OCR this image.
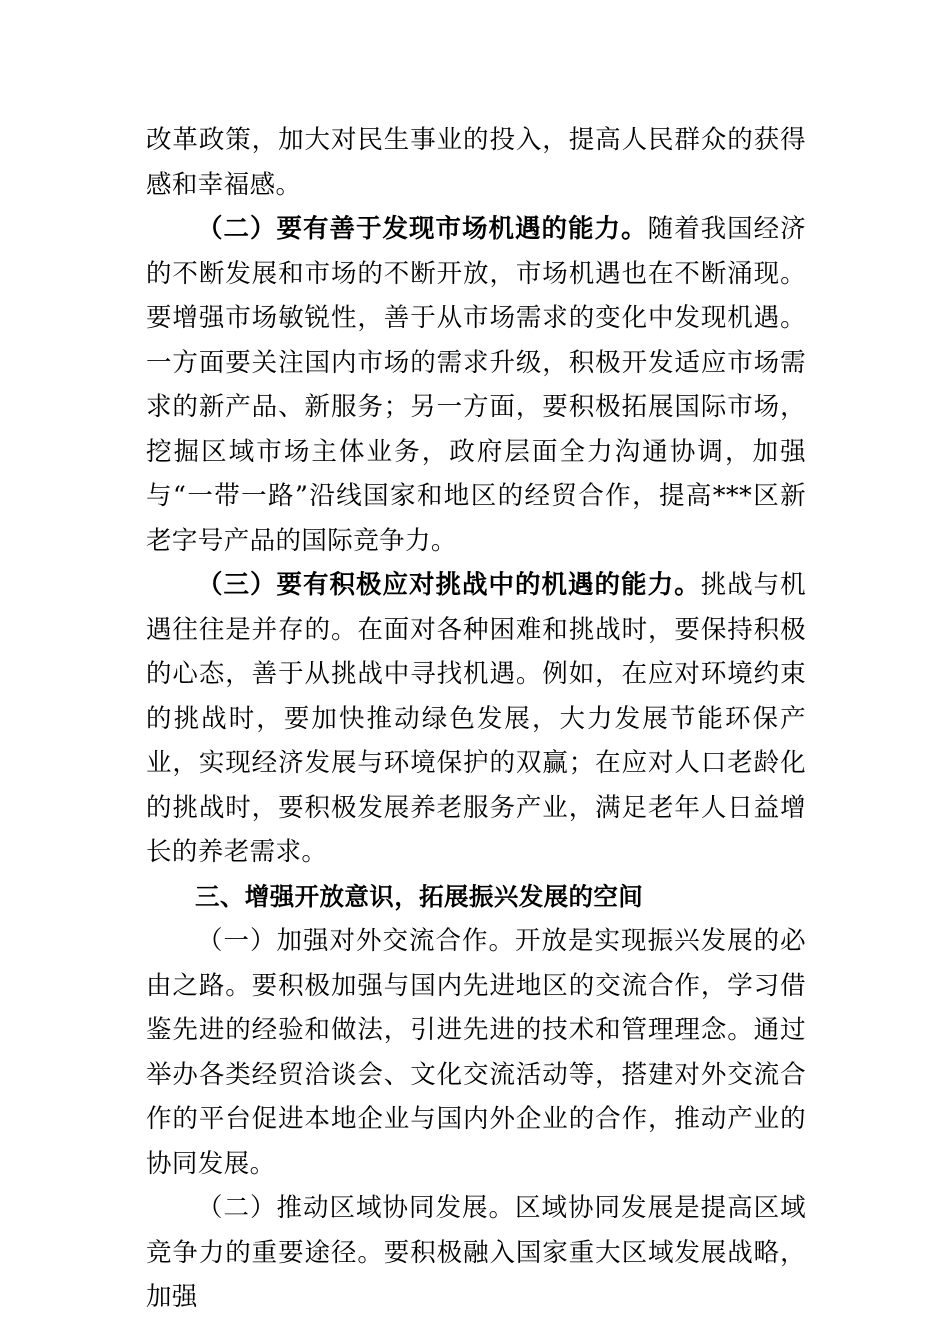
改革政策，加大对民生事业的投入，提高人民群众的获得感和幸福感。

（二）要有善于发现市场机遇的能力。随着我国经济的不断发展和市场的不断开放，市场机遇也在不断涌现。要增强市场敏锐性，善于从市场需求的变化中发现机遇。一方面要关注国内市场的需求升级，积极开发适应市场需求的新产品、新服务；另一方面，要积极拓展国际市场，挖掘区域市场主体业务，政府层面全力沟通协调，加强与“一带一路”沿线国家和地区的经贸合作，提高***区新老字号产品的国际竞争力。

（三）要有积极应对挑战中的机遇的能力。挑战与机遇往往是并存的。在面对各种困难和挑战时，要保持积极的心态，善于从挑战中寻找机遇。例如，在应对环境约束的挑战时，要加快推动绿色发展，大力发展节能环保产业，实现经济发展与环境保护的双赢；在应对人口老龄化的挑战时，要积极发展养老服务产业，满足老年人日益增长的养老需求。

三、增强开放意识，拓展振兴发展的空间

（一）加强对外交流合作。开放是实现振兴发展的必由之路。要积极加强与国内先进地区的交流合作，学习借鉴先进的经验和做法，引进先进的技术和管理理念。通过举办各类经贸洽谈会、文化交流活动等，搭建对外交流合作的平台促进本地企业与国内外企业的合作，推动产业的协同发展。

（二）推动区域协同发展。区域协同发展是提高区域竞争力的重要途径。要积极融入国家重大区域发展战略，加强
